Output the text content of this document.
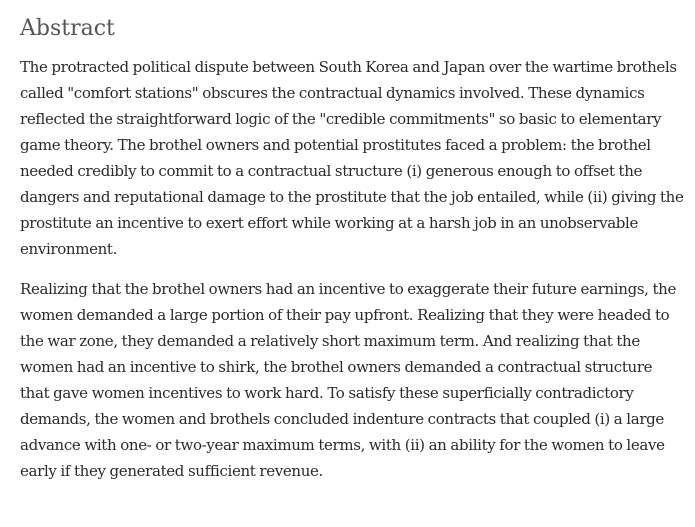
Abstract

The protracted political dispute between South Korea and Japan over the wartime brothels called "comfort stations" obscures the contractual dynamics involved. These dynamics reflected the straightforward logic of the "credible commitments" so basic to elementary game theory. The brothel owners and potential prostitutes faced a problem: the brothel needed credibly to commit to a contractual structure (i) generous enough to offset the dangers and reputational damage to the prostitute that the job entailed, while (ii) giving the prostitute an incentive to exert effort while working at a harsh job in an unobservable environment.

Realizing that the brothel owners had an incentive to exaggerate their future earnings, the women demanded a large portion of their pay upfront. Realizing that they were headed to the war zone, they demanded a relatively short maximum term. And realizing that the women had an incentive to shirk, the brothel owners demanded a contractual structure that gave women incentives to work hard. To satisfy these superficially contradictory demands, the women and brothels concluded indenture contracts that coupled (i) a large advance with one- or two-year maximum terms, with (ii) an ability for the women to leave early if they generated sufficient revenue.
